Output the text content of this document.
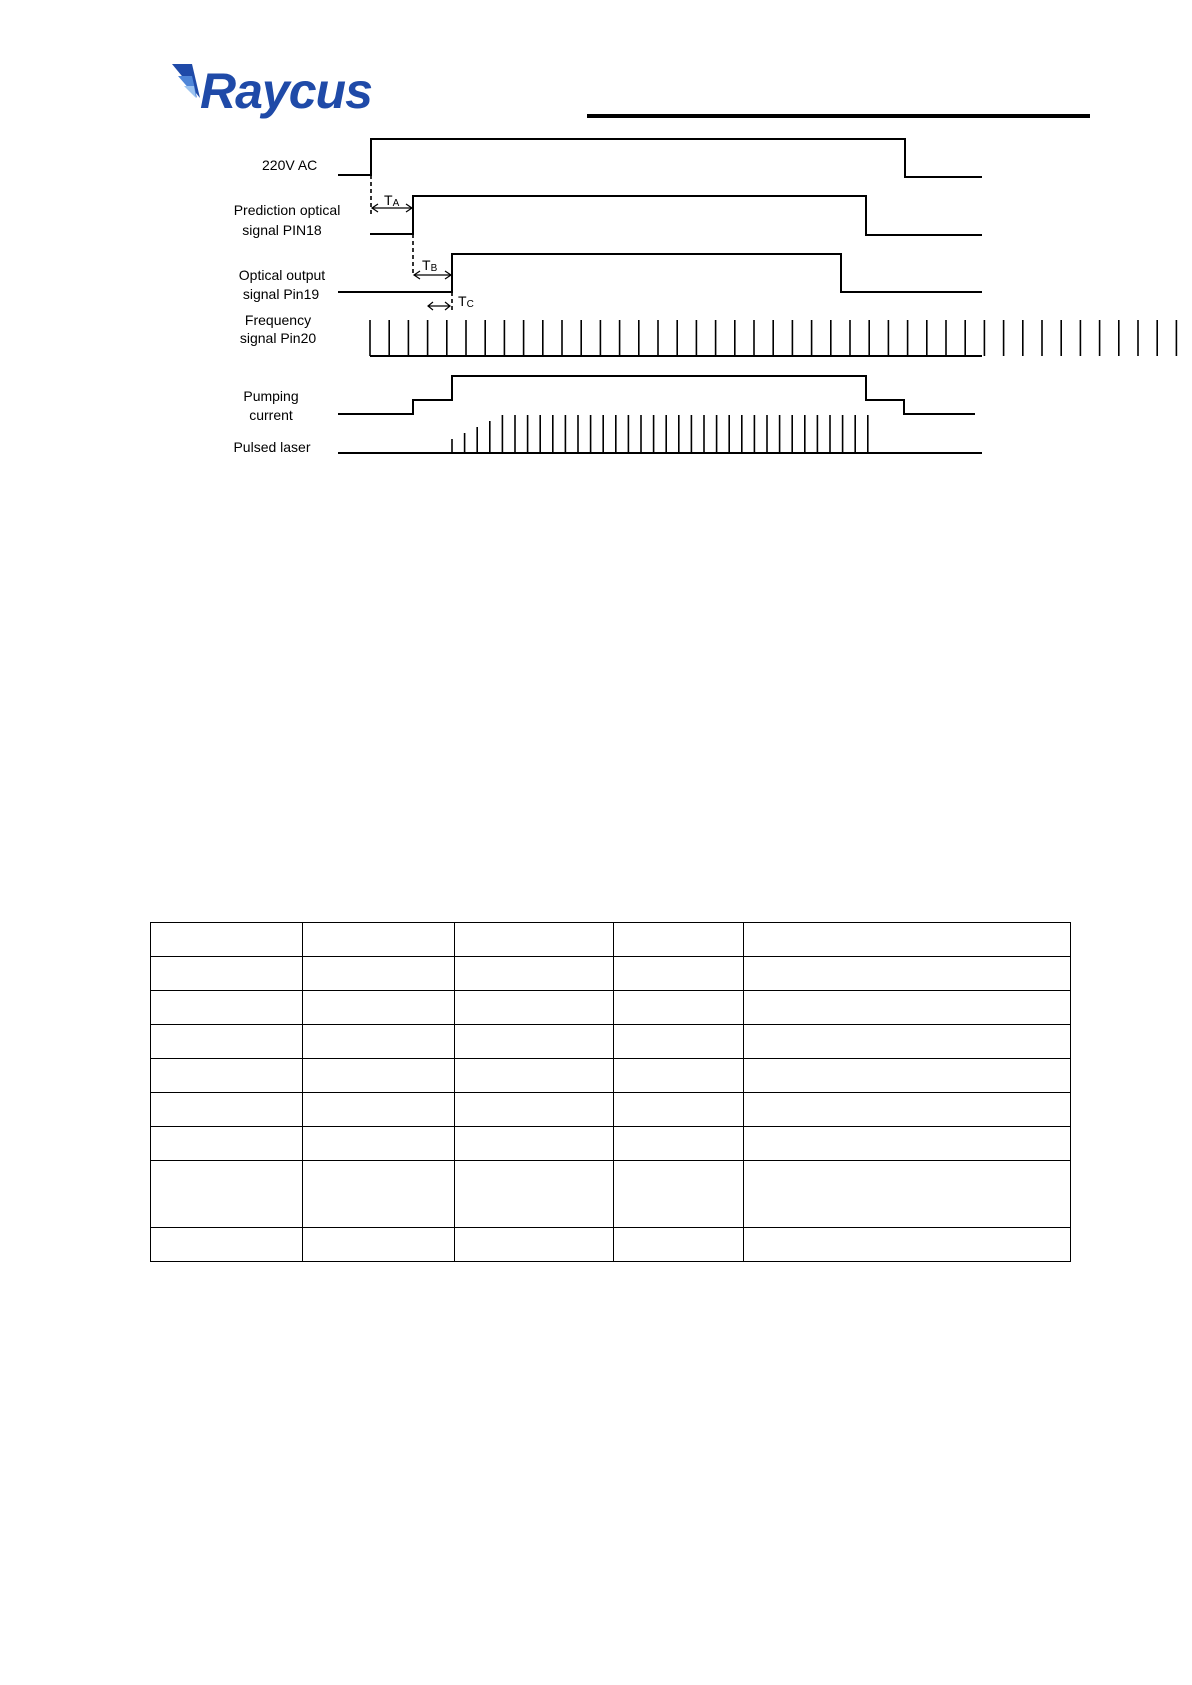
Raycus
220V AC
Prediction optical
signal PIN18
Optical output
signal Pin19
Frequency
signal Pin20
Pumping
current
Pulsed laser
TA
TB
TC
